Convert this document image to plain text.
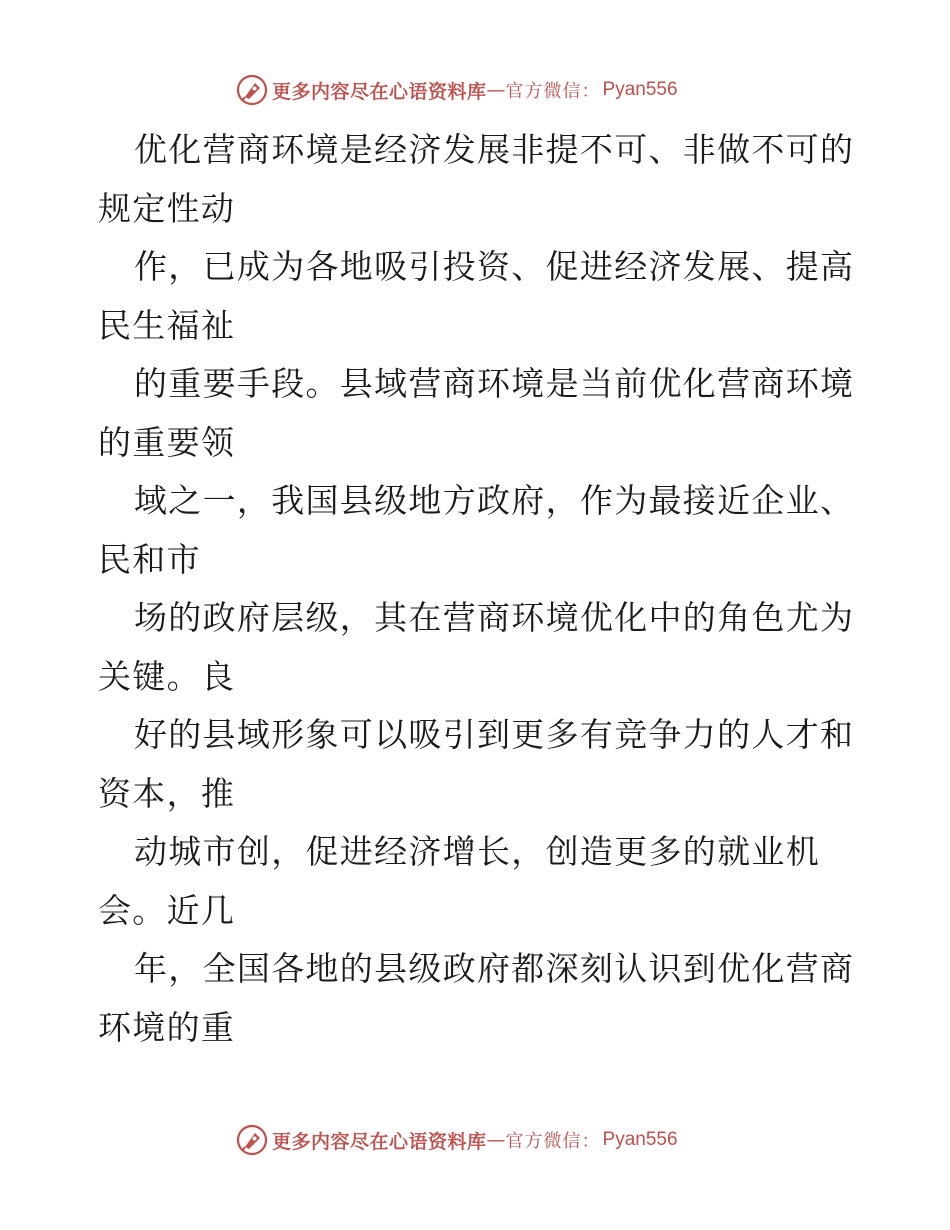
更多内容尽在心语资料库 — 官方微信： Pyan556
优化营商环境是经济发展非提不可、非做不可的
规定性动
作，已成为各地吸引投资、促进经济发展、提高
民生福祉
的重要手段。县域营商环境是当前优化营商环境
的重要领
域之一，我国县级地方政府，作为最接近企业、
民和市
场的政府层级，其在营商环境优化中的角色尤为
关键。良
好的县域形象可以吸引到更多有竞争力的人才和
资本，推
动城市创，促进经济增长，创造更多的就业机
会。近几
年，全国各地的县级政府都深刻认识到优化营商
环境的重
更多内容尽在心语资料库 — 官方微信： Pyan556
